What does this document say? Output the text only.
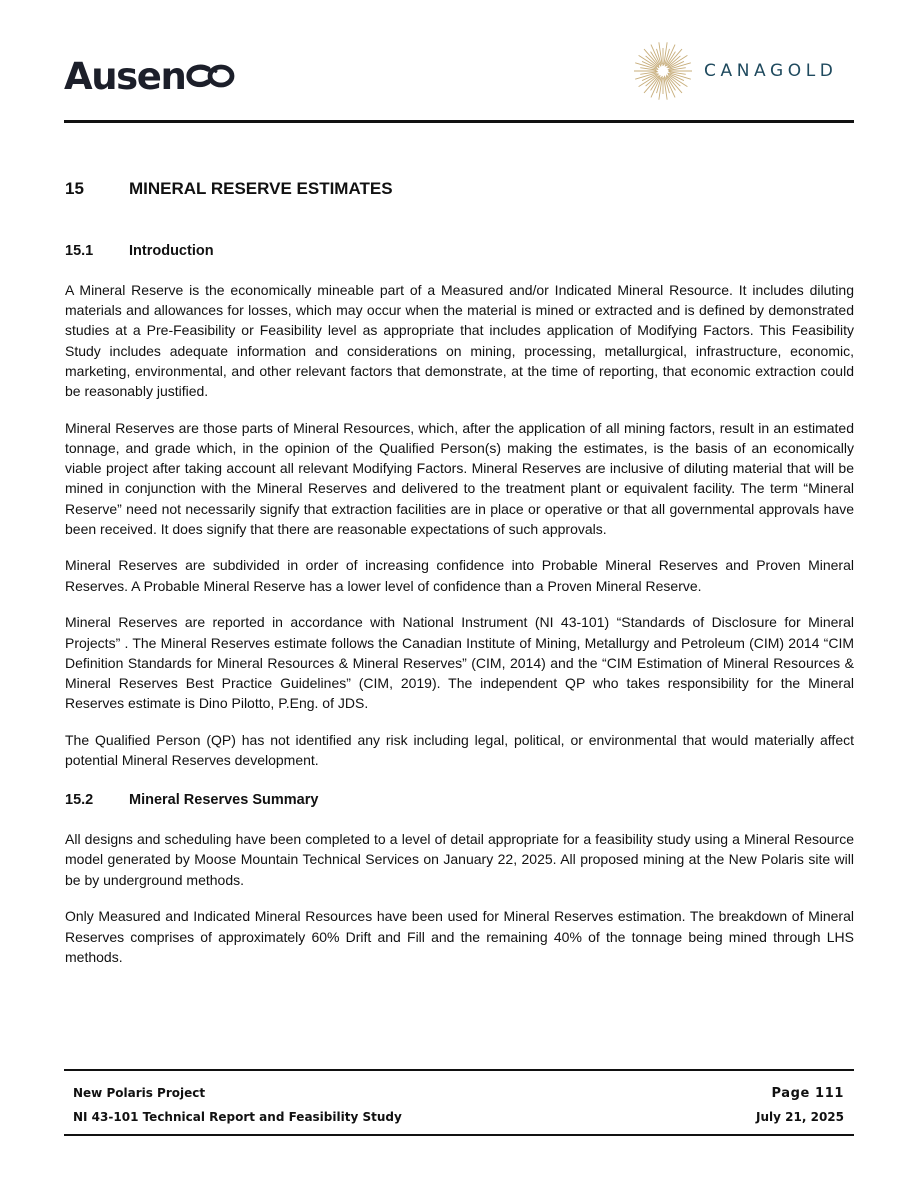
Ausen	CANAGOLD
15	MINERAL RESERVE ESTIMATES
15.1	Introduction

A Mineral Reserve is the economically mineable part of a Measured and/or Indicated Mineral Resource. It includes diluting materials and allowances for losses, which may occur when the material is mined or extracted and is defined by demonstrated studies at a Pre-Feasibility or Feasibility level as appropriate that includes application of Modifying Factors. This Feasibility Study includes adequate information and considerations on mining, processing, metallurgical, infrastructure, economic, marketing, environmental, and other relevant factors that demonstrate, at the time of reporting, that economic extraction could be reasonably justified.

Mineral Reserves are those parts of Mineral Resources, which, after the application of all mining factors, result in an estimated tonnage, and grade which, in the opinion of the Qualified Person(s) making the estimates, is the basis of an economically viable project after taking account all relevant Modifying Factors. Mineral Reserves are inclusive of diluting material that will be mined in conjunction with the Mineral Reserves and delivered to the treatment plant or equivalent facility. The term “Mineral Reserve” need not necessarily signify that extraction facilities are in place or operative or that all governmental approvals have been received. It does signify that there are reasonable expectations of such approvals.

Mineral Reserves are subdivided in order of increasing confidence into Probable Mineral Reserves and Proven Mineral Reserves. A Probable Mineral Reserve has a lower level of confidence than a Proven Mineral Reserve.

Mineral Reserves are reported in accordance with National Instrument (NI 43-101) “Standards of Disclosure for Mineral Projects” . The Mineral Reserves estimate follows the Canadian Institute of Mining, Metallurgy and Petroleum (CIM) 2014 “CIM Definition Standards for Mineral Resources & Mineral Reserves” (CIM, 2014) and the “CIM Estimation of Mineral Resources & Mineral Reserves Best Practice Guidelines” (CIM, 2019). The independent QP who takes responsibility for the Mineral Reserves estimate is Dino Pilotto, P.Eng. of JDS.

The Qualified Person (QP) has not identified any risk including legal, political, or environmental that would materially affect potential Mineral Reserves development.

15.2	Mineral Reserves Summary

All designs and scheduling have been completed to a level of detail appropriate for a feasibility study using a Mineral Resource model generated by Moose Mountain Technical Services on January 22, 2025. All proposed mining at the New Polaris site will be by underground methods.

Only Measured and Indicated Mineral Resources have been used for Mineral Reserves estimation. The breakdown of Mineral Reserves comprises of approximately 60% Drift and Fill and the remaining 40% of the tonnage being mined through LHS methods.

New Polaris Project
NI 43-101 Technical Report and Feasibility Study
Page 111
July 21, 2025
